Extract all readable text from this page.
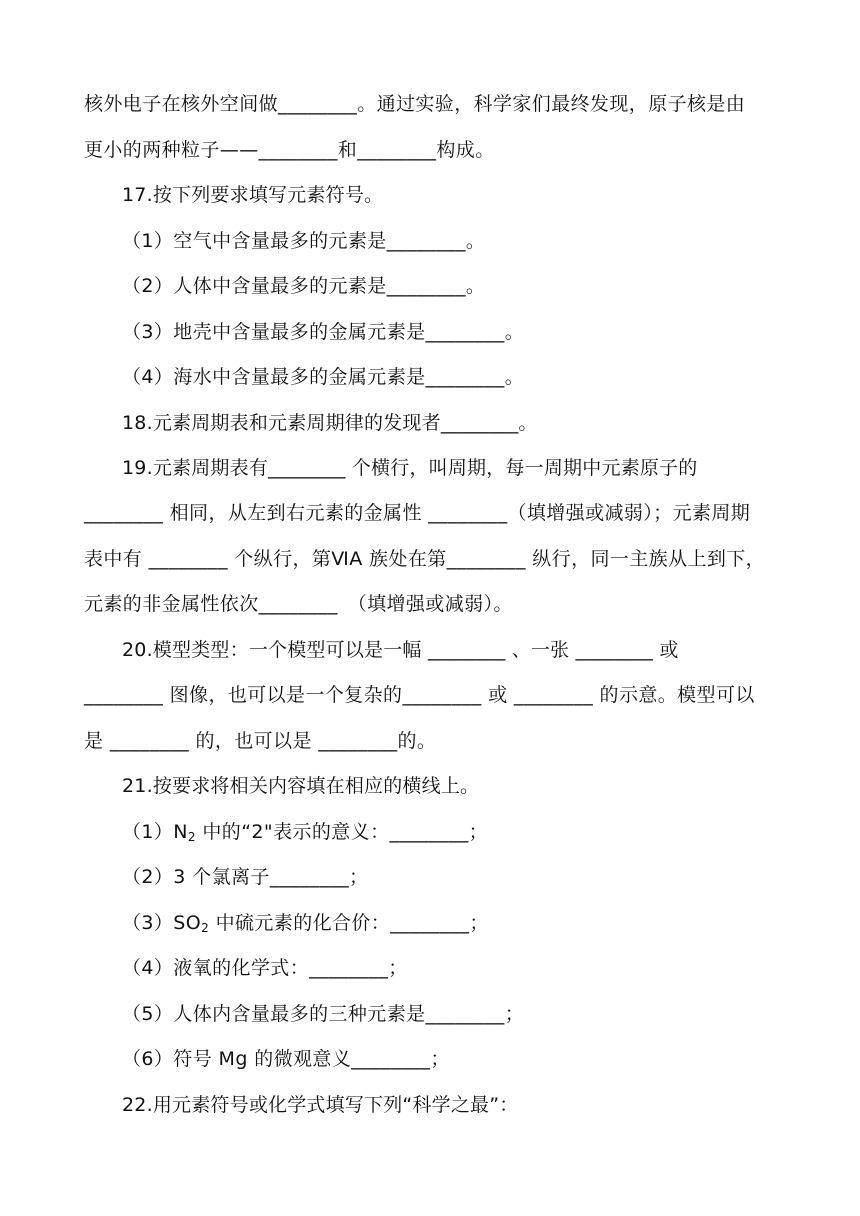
核外电子在核外空间做________。通过实验，科学家们最终发现，原子核是由
更小的两种粒子——________和________构成。
17.按下列要求填写元素符号。
（1）空气中含量最多的元素是________。
（2）人体中含量最多的元素是________。
（3）地壳中含量最多的金属元素是________。
（4）海水中含量最多的金属元素是________。
18.元素周期表和元素周期律的发现者________。
19.元素周期表有________ 个横行，叫周期，每一周期中元素原子的
________ 相同，从左到右元素的金属性 ________（填增强或减弱）；元素周期
表中有 ________ 个纵行，第ⅥA 族处在第________ 纵行，同一主族从上到下，
元素的非金属性依次________　（填增强或减弱）。
20.模型类型：一个模型可以是一幅 ________ 、一张 ________ 或
________ 图像，也可以是一个复杂的________ 或 ________ 的示意。模型可以
是 ________ 的，也可以是 ________的。
21.按要求将相关内容填在相应的横线上。
$(1)N_2$ 中的“2"表示的意义：________；
（2）3 个氯离子________；
$(3)SO_2$ 中硫元素的化合价：________；
（4）液氧的化学式：________；
（5）人体内含量最多的三种元素是________；
（6）符号 Mg 的微观意义________；
22.用元素符号或化学式填写下列“科学之最”：
